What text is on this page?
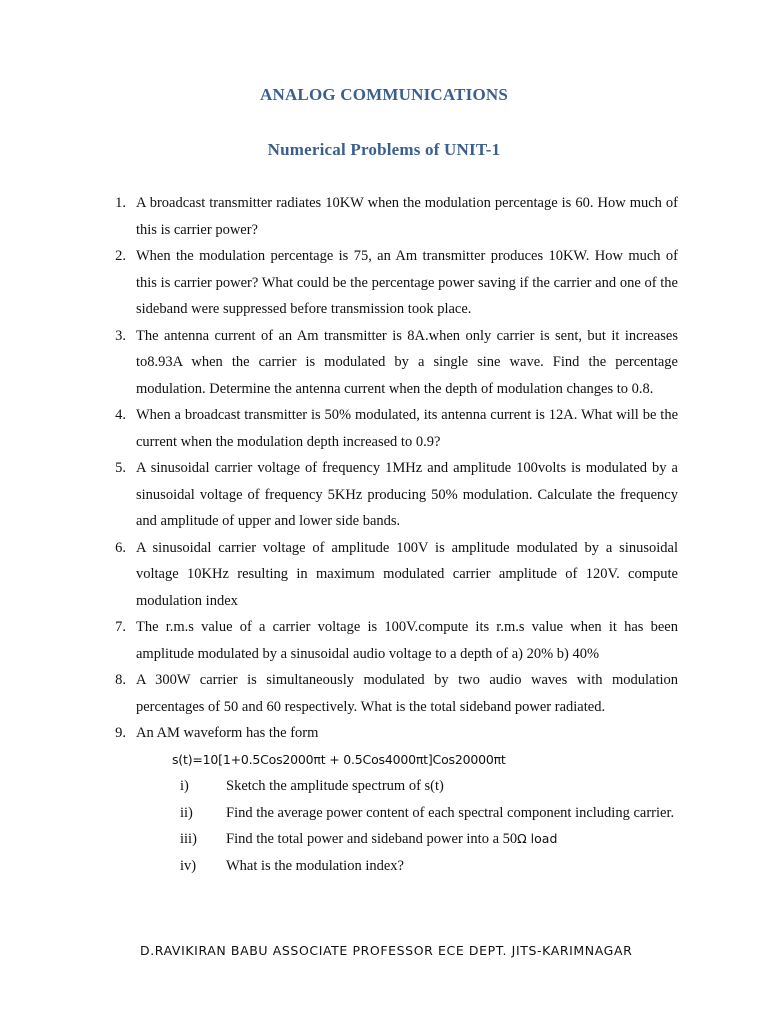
ANALOG COMMUNICATIONS
Numerical Problems of UNIT-1
1. A broadcast transmitter radiates 10KW when the modulation percentage is 60. How much of this is carrier power?
2. When the modulation percentage is 75, an Am transmitter produces 10KW. How much of this is carrier power? What could be the percentage power saving if the carrier and one of the sideband were suppressed before transmission took place.
3. The antenna current of an Am transmitter is 8A.when only carrier is sent, but it increases to8.93A when the carrier is modulated by a single sine wave. Find the percentage modulation. Determine the antenna current when the depth of modulation changes to 0.8.
4. When a broadcast transmitter is 50% modulated, its antenna current is 12A. What will be the current when the modulation depth increased to 0.9?
5. A sinusoidal carrier voltage of frequency 1MHz and amplitude 100volts is modulated by a sinusoidal voltage of frequency 5KHz producing 50% modulation. Calculate the frequency and amplitude of upper and lower side bands.
6. A sinusoidal carrier voltage of amplitude 100V is amplitude modulated by a sinusoidal voltage 10KHz resulting in maximum modulated carrier amplitude of 120V. compute modulation index
7. The r.m.s value of a carrier voltage is 100V.compute its r.m.s value when it has been amplitude modulated by a sinusoidal audio voltage to a depth of a) 20% b) 40%
8. A 300W carrier is simultaneously modulated by two audio waves with modulation percentages of 50 and 60 respectively. What is the total sideband power radiated.
9. An AM waveform has the form
s(t)=10[1+0.5Cos2000πt + 0.5Cos4000πt]Cos20000πt
i)	Sketch the amplitude spectrum of s(t)
ii) Find the average power content of each spectral component including carrier.
iii) Find the total power and sideband power into a 50Ω load
iv) What is the modulation index?
D.RAVIKIRAN BABU ASSOCIATE PROFESSOR ECE DEPT. JITS-KARIMNAGAR
